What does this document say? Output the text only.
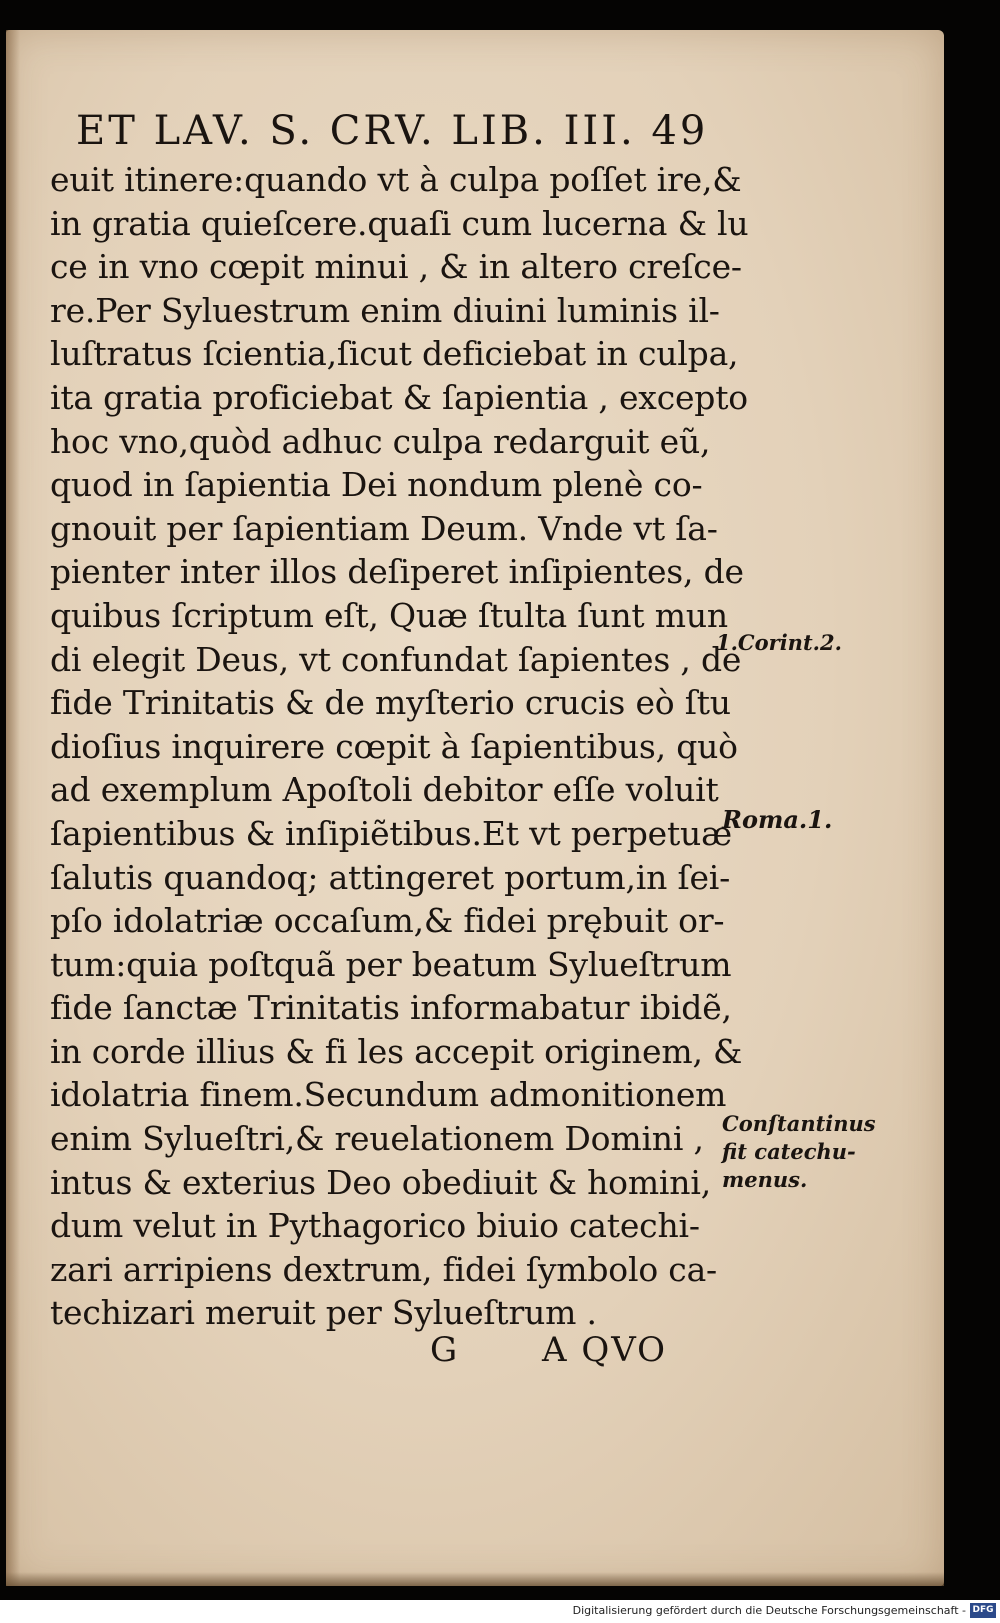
ET LAV. S. CRV. LIB. III. 49
euit itinere:quando vt à culpa poſſet ire,&
in gratia quieſcere.quaſi cum lucerna & lu
ce in vno cœpit minui , & in altero creſce-
re.Per Syluestrum enim diuini luminis il-
luſtratus ſcientia,ſicut deficiebat in culpa,
ita gratia proficiebat & ſapientia , excepto
hoc vno,quòd adhuc culpa redarguit eũ,
quod in ſapientia Dei nondum plenè co-
gnouit per ſapientiam Deum. Vnde vt ſa-
pienter inter illos deſiperet inſipientes, de
quibus ſcriptum eſt, Quæ ſtulta ſunt mun
di elegit Deus, vt confundat ſapientes , de
fide Trinitatis & de myſterio crucis eò ſtu
dioſius inquirere cœpit à ſapientibus, quò
ad exemplum Apoſtoli debitor eſſe voluit
ſapientibus & inſipiẽtibus.Et vt perpetuæ
ſalutis quandoq; attingeret portum,in ſei-
pſo idolatriæ occaſum,& fidei prębuit or-
tum:quia poſtquã per beatum Sylueſtrum
fide ſanctæ Trinitatis informabatur ibidẽ,
in corde illius & fi les accepit originem, &
idolatria finem.Secundum admonitionem
enim Sylueſtri,& reuelationem Domini ,
intus & exterius Deo obediuit & homini,
dum velut in Pythagorico biuio catechi-
zari arripiens dextrum, fidei ſymbolo ca-
techizari meruit per Sylueſtrum .
G A QVO
1.Corint.2.
Roma.1.
Conſtantinus
fit catechu-
menus.
Digitalisierung gefördert durch die Deutsche Forschungsgemeinschaft - DFG
